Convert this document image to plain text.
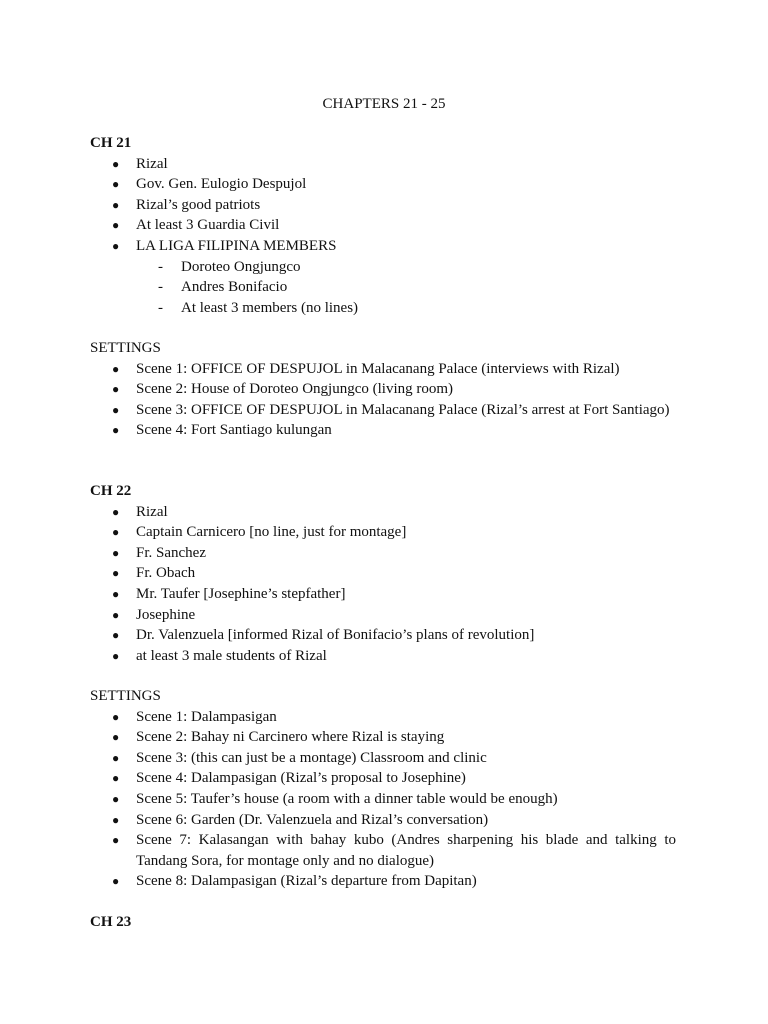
CHAPTERS 21 - 25
CH 21
● Rizal
● Gov. Gen. Eulogio Despujol
● Rizal’s good patriots
● At least 3 Guardia Civil
● LA LIGA FILIPINA MEMBERS
- Doroteo Ongjungco
- Andres Bonifacio
- At least 3 members (no lines)
SETTINGS
● Scene 1: OFFICE OF DESPUJOL in Malacanang Palace (interviews with Rizal)
● Scene 2: House of Doroteo Ongjungco (living room)
● Scene 3: OFFICE OF DESPUJOL in Malacanang Palace (Rizal’s arrest at Fort Santiago)
● Scene 4: Fort Santiago kulungan
CH 22
● Rizal
● Captain Carnicero [no line, just for montage]
● Fr. Sanchez
● Fr. Obach
● Mr. Taufer [Josephine’s stepfather]
● Josephine
● Dr. Valenzuela [informed Rizal of Bonifacio’s plans of revolution]
● at least 3 male students of Rizal
SETTINGS
● Scene 1: Dalampasigan
● Scene 2: Bahay ni Carcinero where Rizal is staying
● Scene 3: (this can just be a montage) Classroom and clinic
● Scene 4: Dalampasigan (Rizal’s proposal to Josephine)
● Scene 5: Taufer’s house (a room with a dinner table would be enough)
● Scene 6: Garden (Dr. Valenzuela and Rizal’s conversation)
● Scene 7: Kalasangan with bahay kubo (Andres sharpening his blade and talking to Tandang Sora, for montage only and no dialogue)
● Scene 8: Dalampasigan (Rizal’s departure from Dapitan)
CH 23
